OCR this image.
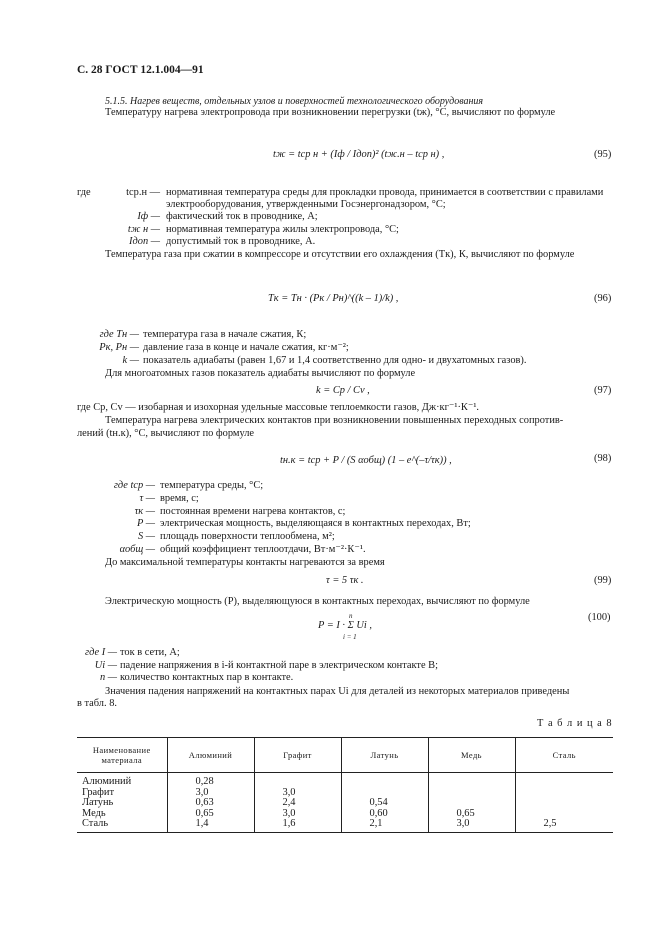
С. 28 ГОСТ 12.1.004—91
5.1.5. Нагрев веществ, отдельных узлов и поверхностей технологического оборудования
Температуру нагрева электропровода при возникновении перегрузки (tж), °С, вычисляют по формуле
tж = tср н + (Iф / Iдоп)² (tж.н – tср н) ,	(95)
где	tср.н — нормативная температура среды для прокладки провода, принимается в соответствии с правилами
электрооборудования, утвержденными Госэнергонадзором, °С;
Iф — фактический ток в проводнике, А;
tж н — нормативная температура жилы электропровода, °С;
Iдоп — допустимый ток в проводнике, А.
Температура газа при сжатии в компрессоре и отсутствии его охлаждения (Tк), К, вычисляют по формуле
Tк = Tн · (Pк / Pн)^((k – 1)/k) ,	(96)
где Tн — температура газа в начале сжатия, К;
Pк, Pн — давление газа в конце и начале сжатия, кг·м⁻²;
k — показатель адиабаты (равен 1,67 и 1,4 соответственно для одно- и двухатомных газов).
Для многоатомных газов показатель адиабаты вычисляют по формуле
k = Cp / Cv ,	(97)
где Cp, Cv — изобарная и изохорная удельные массовые теплоемкости газов, Дж·кг⁻¹·К⁻¹.
Температура нагрева электрических контактов при возникновении повышенных переходных сопротив-
лений (tн.к), °С, вычисляют по формуле
tн.к = tср + P / (S αобщ) (1 – e^(–τ/τк)) ,	(98)
где tср — температура среды, °С;
τ — время, с;
τк — постоянная времени нагрева контактов, с;
P — электрическая мощность, выделяющаяся в контактных переходах, Вт;
S — площадь поверхности теплообмена, м²;
αобщ — общий коэффициент теплоотдачи, Вт·м⁻²·К⁻¹.
До максимальной температуры контакты нагреваются за время
τ = 5 τк .	(99)
Электрическую мощность (P), выделяющуюся в контактных переходах, вычисляют по формуле
n
P = I · Σ Ui ,
i = 1
(100)
где I — ток в сети, А;
Ui — падение напряжения в i-й контактной паре в электрическом контакте В;
n — количество контактных пар в контакте.
Значения падения напряжений на контактных парах Ui для деталей из некоторых материалов приведены
в табл. 8.
Т а б л и ц а 8
Наименование материала	Алюминий	Графит	Латунь	Медь	Сталь
Алюминий	0,28				
Графит	3,0	3,0			
Латунь	0,63	2,4	0,54		
Медь	0,65	3,0	0,60	0,65	
Сталь	1,4	1,6	2,1	3,0	2,5
